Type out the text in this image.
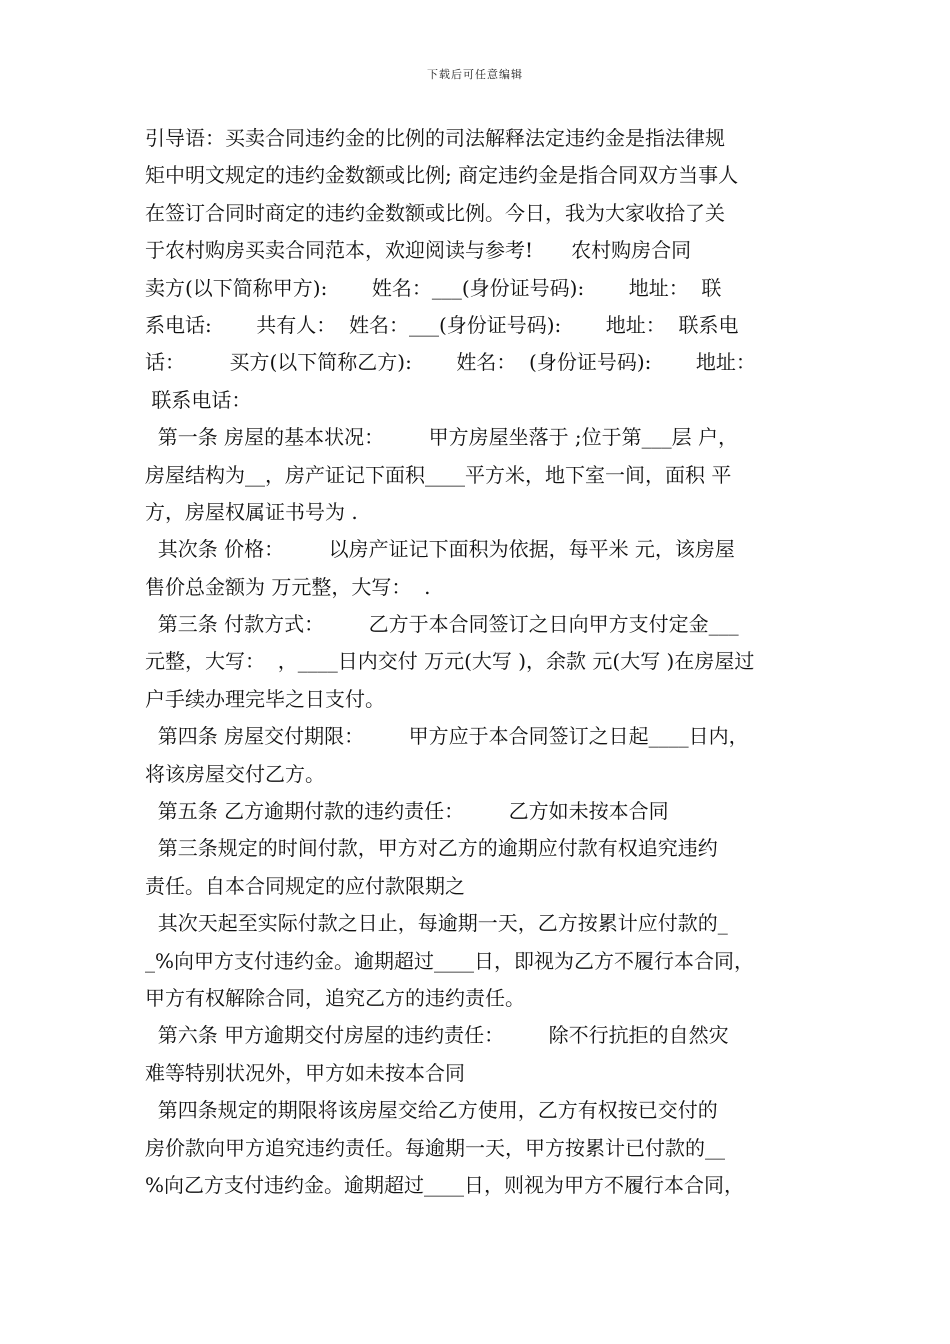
下载后可任意编辑
引导语：买卖合同违约金的比例的司法解释法定违约金是指法律规
矩中明文规定的违约金数额或比例; 商定违约金是指合同双方当事人
在签订合同时商定的违约金数额或比例。今日，我为大家收拾了关
于农村购房买卖合同范本，欢迎阅读与参考!      农村购房合同
卖方(以下简称甲方):       姓名：___(身份证号码):       地址：  联
系电话:       共有人：  姓名：___(身份证号码):       地址：  联系电
话：       买方(以下简称乙方):       姓名：  (身份证号码):       地址：
联系电话：
第一条 房屋的基本状况：       甲方房屋坐落于 ;位于第___层 户，
房屋结构为__，房产证记下面积____平方米，地下室一间，面积 平
方，房屋权属证书号为 .
其次条 价格：       以房产证记下面积为依据，每平米 元，该房屋
售价总金额为 万元整，大写：  .
第三条 付款方式：       乙方于本合同签订之日向甲方支付定金___
元整，大写：  ，____日内交付 万元(大写 )，余款 元(大写 )在房屋过
户手续办理完毕之日支付。
第四条 房屋交付期限：       甲方应于本合同签订之日起____日内，
将该房屋交付乙方。
第五条 乙方逾期付款的违约责任：       乙方如未按本合同
第三条规定的时间付款，甲方对乙方的逾期应付款有权追究违约
责任。自本合同规定的应付款限期之
其次天起至实际付款之日止，每逾期一天，乙方按累计应付款的_
_%向甲方支付违约金。逾期超过____日，即视为乙方不履行本合同，
甲方有权解除合同，追究乙方的违约责任。
第六条 甲方逾期交付房屋的违约责任：       除不行抗拒的自然灾
难等特别状况外，甲方如未按本合同
第四条规定的期限将该房屋交给乙方使用，乙方有权按已交付的
房价款向甲方追究违约责任。每逾期一天，甲方按累计已付款的__
%向乙方支付违约金。逾期超过____日，则视为甲方不履行本合同，
